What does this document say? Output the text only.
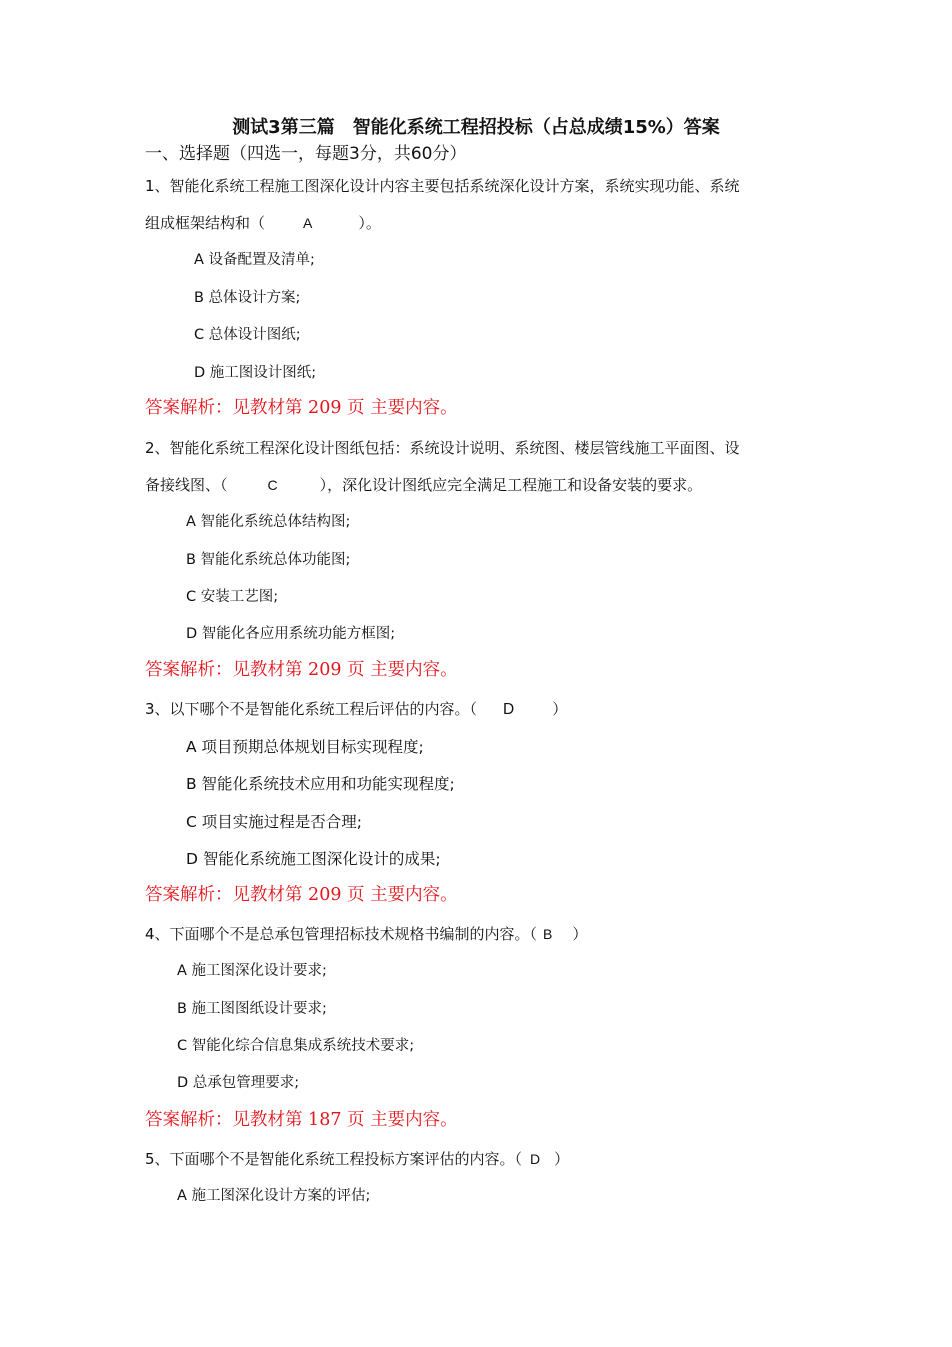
测试3第三篇　智能化系统工程招投标（占总成绩15%）答案
一、选择题（四选一，每题3分，共60分）
1、智能化系统工程施工图深化设计内容主要包括系统深化设计方案，系统实现功能、系统
组成框架结构和（	A	）。
A 设备配置及清单;
B 总体设计方案;
C 总体设计图纸;
D 施工图设计图纸;
答案解析：见教材第 209 页 主要内容。
2、智能化系统工程深化设计图纸包括：系统设计说明、系统图、楼层管线施工平面图、设
备接线图、（	C	），深化设计图纸应完全满足工程施工和设备安装的要求。
A 智能化系统总体结构图;
B 智能化系统总体功能图;
C 安装工艺图;
D 智能化各应用系统功能方框图;
答案解析：见教材第 209 页 主要内容。
3、以下哪个不是智能化系统工程后评估的内容。（ D	）
A 项目预期总体规划目标实现程度;
B 智能化系统技术应用和功能实现程度;
C 项目实施过程是否合理;
D 智能化系统施工图深化设计的成果;
答案解析：见教材第 209 页 主要内容。
4、下面哪个不是总承包管理招标技术规格书编制的内容。（ B ）
A 施工图深化设计要求;
B 施工图图纸设计要求;
C 智能化综合信息集成系统技术要求;
D 总承包管理要求;
答案解析：见教材第 187 页 主要内容。
5、下面哪个不是智能化系统工程投标方案评估的内容。（ D ）
A 施工图深化设计方案的评估;
